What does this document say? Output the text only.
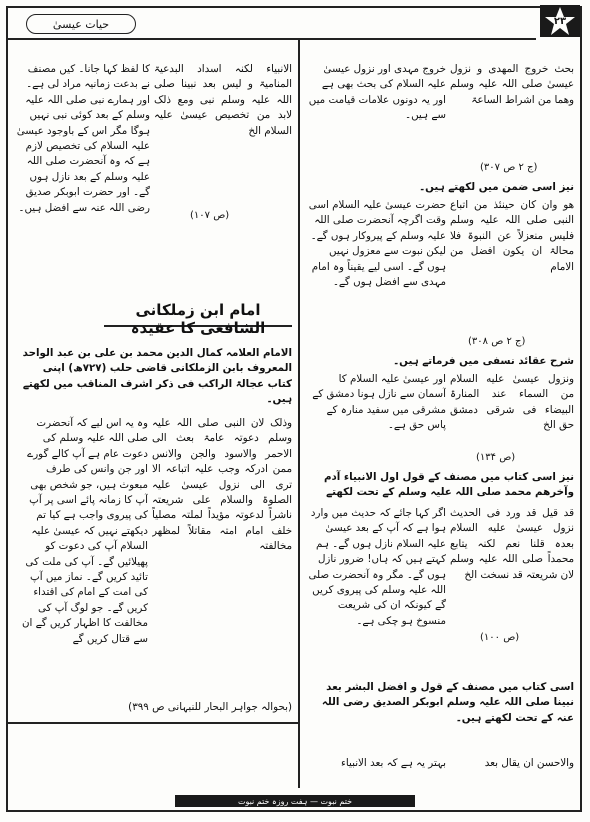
٢٣
حیات عیسیٰ
بحث خروج المهدی و نزول عیسیٰ صلی اللہ علیہ وسلم وهما من اشراط الساعۃ
خروج مہدی اور نزول عیسیٰ علیہ السلام کی بحث بھی ہے اور یہ دونوں علامات قیامت میں سے ہیں۔
(ج ۲ ص ۳۰۷)
نیز اسی ضمن میں لکھتے ہیں۔
هو وان کان حینئذ من اتباع النبی صلی اللہ علیہ وسلم فلیس منعزلاً عن النبوۃ فلا محالۃ ان یکون افضل من الامام
حضرت عیسیٰ علیہ السلام اسی وقت اگرچہ آنحضرت صلی اللہ علیہ وسلم کے پیروکار ہوں گے۔ لیکن نبوت سے معزول نہیں ہوں گے۔ اسی لیے یقیناً وہ امام مہدی سے افضل ہوں گے۔
(ج ۲ ص ۳۰۸)
شرح عقائد نسفی میں فرماتے ہیں۔
ونزول عیسیٰ علیه السلام من السماء عند المنارۃ البیضاء فی شرقی دمشق حق الخ
اور عیسیٰ علیہ السلام کا آسمان سے نازل ہونا دمشق کے مشرقی میں سفید منارہ کے پاس حق ہے۔
(ص ۱۳۴)
نیز اسی کتاب میں مصنف کے قول اول الانبیاء آدم وآخرهم محمد صلی اللہ علیہ وسلم کے تحت لکھتے
قد قیل قد ورد فی الحدیث نزول عیسیٰ علیه السلام بعدہ قلنا نعم لکنہ یتابع محمداً صلی اللہ علیہ وسلم لان شریعتہ قد نسخت الخ
اگر کہا جائے کہ حدیث میں وارد ہوا ہے کہ آپ کے بعد عیسیٰ علیہ السلام نازل ہوں گے۔ ہم کہتے ہیں کہ ہاں! ضرور نازل ہوں گے۔ مگر وہ آنحضرت صلی اللہ علیہ وسلم کی پیروی کریں گے کیونکہ ان کی شریعت منسوخ ہو چکی ہے۔
(ص ۱۰۰)
اسی کتاب میں مصنف کے قول و افضل البشر بعد نبینا صلی اللہ علیہ وسلم ابوبکر الصدیق رضی اللہ عنہ کے تحت لکھتے ہیں۔
والاحسن ان یقال بعد
بہتر یہ ہے کہ بعد الانبیاء
الانبیاء لکنہ اسداد البدعیۃ المنامیۃ و لیس بعد نبینا صلی اللہ علیہ وسلم نبی ومع ذلک لابد من تخصیص عیسیٰ علیہ السلام الخ
کا لفظ کہا جانا۔ کیں مصنف نے بدعت زمانیہ مراد لی ہے۔ اور ہمارے نبی صلی اللہ علیہ وسلم کے بعد کوئی نبی نہیں ہوگا مگر اس کے باوجود عیسیٰ علیہ السلام کی تخصیص لازم ہے کہ وہ آنحضرت صلی اللہ علیہ وسلم کے بعد نازل ہوں گے۔ اور حضرت ابوبکر صدیق رضی اللہ عنہ سے افضل ہیں۔
(ص ۱۰۷)
امام ابن زملکانی الشافعی کا عقیدہ
الامام العلامہ کمال الدین محمد بن علی بن عبد الواحد المعروف بابن الزملکانی قاضی حلب (۷۲۷ھ) اپنی کتاب عجالۃ الراکب فی ذکر اشرف المناقب میں لکھتے ہیں۔
وذلک لان النبی صلی اللہ علیہ وسلم دعوتہ عامۃ بعث الی الاحمر والاسود والجن والانس ممن ادرکہ وجب علیہ اتباعہ الا تری الی نزول عیسیٰ علیہ الصلوۃ والسلام علی شریعتہ ناشراً لدعوتہ مؤیداً لملتہ مصلیاً خلف امام امتہ مقاتلاً لمظهر مخالفتہ
وہ یہ اس لیے کہ آنحضرت صلی اللہ علیہ وسلم کی دعوت عام ہے آپ کالے گورے اور جن وانس کی طرف مبعوث ہیں، جو شخص بھی آپ کا زمانہ پائے اسی پر آپ کی پیروی واجب ہے کیا تم دیکھتے نہیں کہ عیسیٰ علیہ السلام آپ کی دعوت کو پھیلائیں گے۔ آپ کی ملت کی تائید کریں گے۔ نماز میں آپ کی امت کے امام کی اقتداء کریں گے۔ جو لوگ آپ کی مخالفت کا اظہار کریں گے ان سے قتال کریں گے
(بحوالہ جواہر البحار للنبہانی ص ۳۹۹)
ختم نبوت — ہفت روزہ ختم نبوت
